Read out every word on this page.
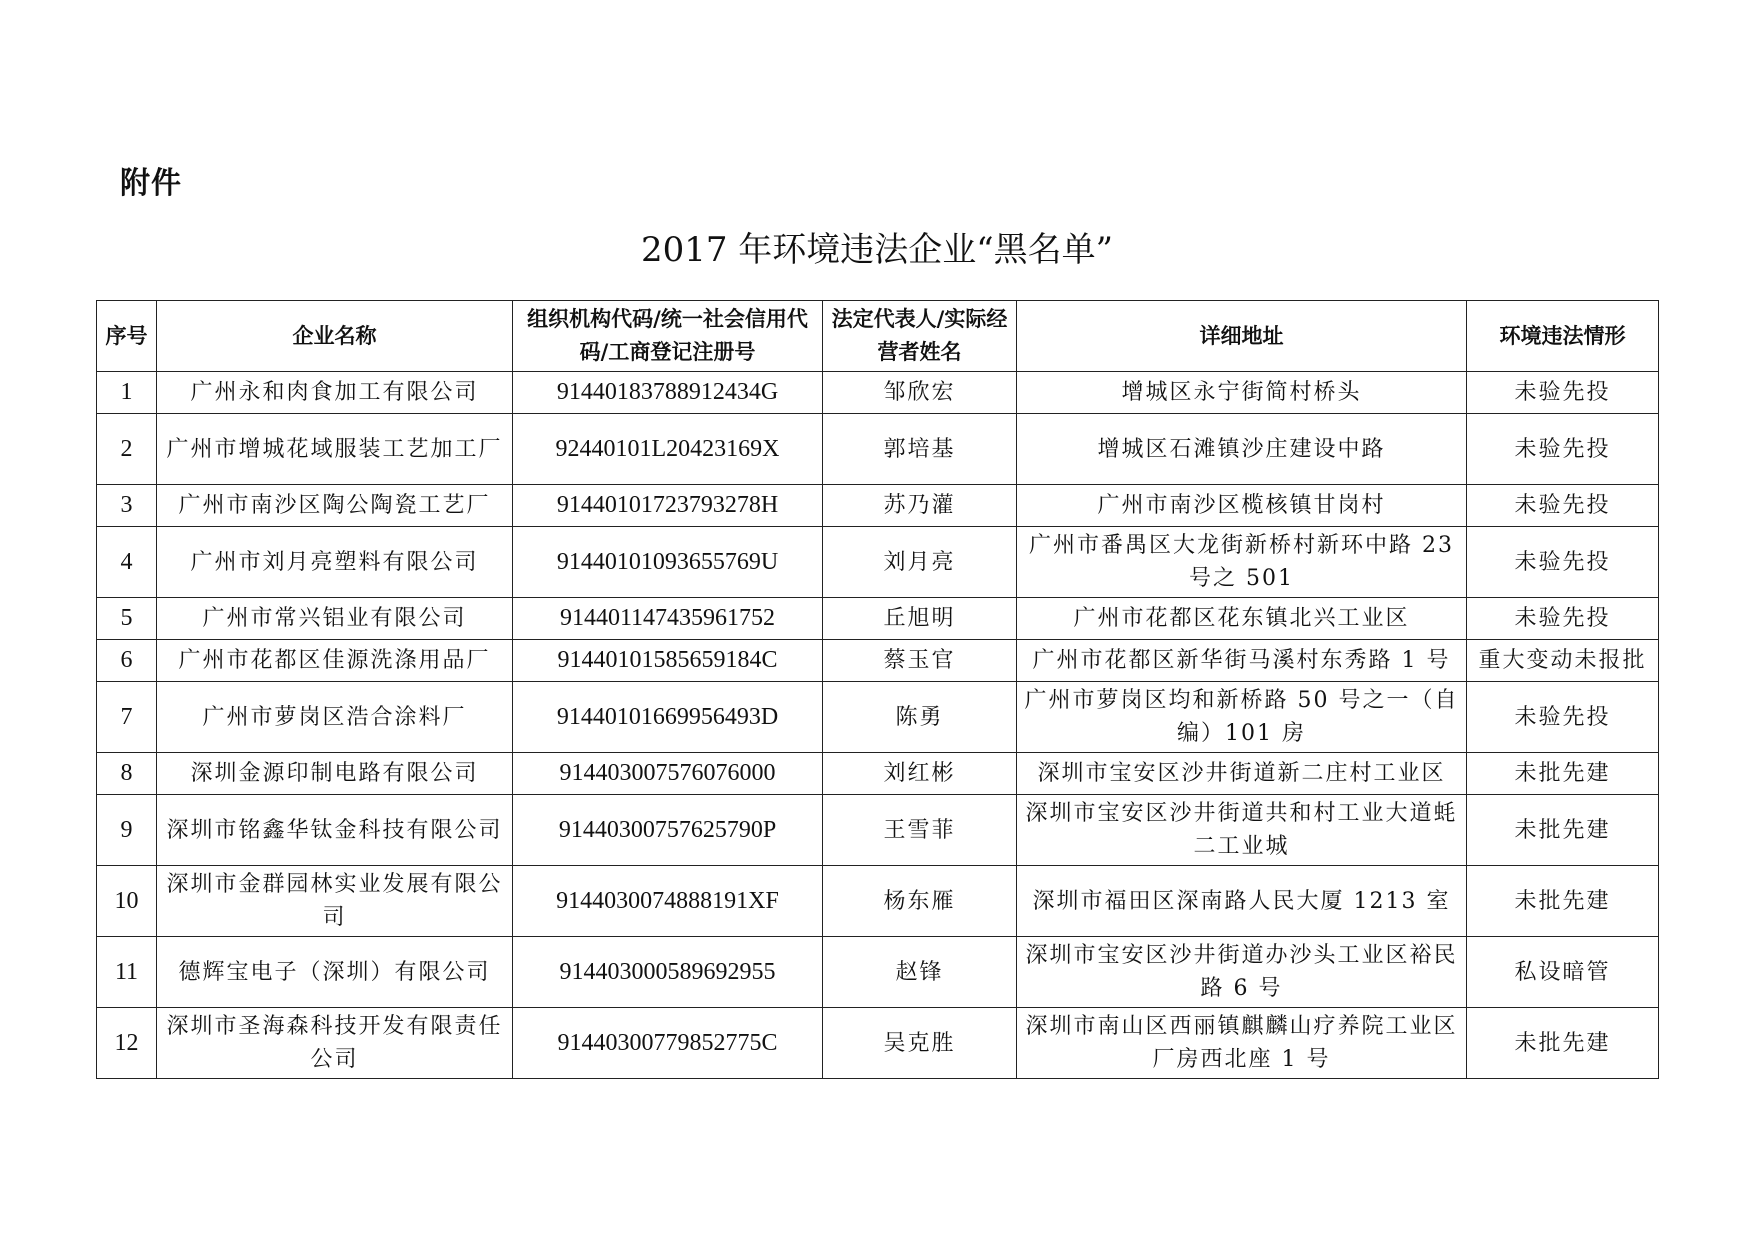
附件
2017 年环境违法企业“黑名单”
序号	企业名称	组织机构代码/统一社会信用代码/工商登记注册号	法定代表人/实际经营者姓名	详细地址	环境违法情形
1	广州永和肉食加工有限公司	91440183788912434G	邹欣宏	增城区永宁街简村桥头	未验先投
2	广州市增城花域服装工艺加工厂	92440101L20423169X	郭培基	增城区石滩镇沙庄建设中路	未验先投
3	广州市南沙区陶公陶瓷工艺厂	91440101723793278H	苏乃灌	广州市南沙区榄核镇甘岗村	未验先投
4	广州市刘月亮塑料有限公司	91440101093655769U	刘月亮	广州市番禺区大龙街新桥村新环中路 23 号之 501	未验先投
5	广州市常兴铝业有限公司	914401147435961752	丘旭明	广州市花都区花东镇北兴工业区	未验先投
6	广州市花都区佳源洗涤用品厂	91440101585659184C	蔡玉官	广州市花都区新华街马溪村东秀路 1 号	重大变动未报批
7	广州市萝岗区浩合涂料厂	91440101669956493D	陈勇	广州市萝岗区均和新桥路 50 号之一（自编）101 房	未验先投
8	深圳金源印制电路有限公司	914403007576076000	刘红彬	深圳市宝安区沙井街道新二庄村工业区	未批先建
9	深圳市铭鑫华钛金科技有限公司	91440300757625790P	王雪菲	深圳市宝安区沙井街道共和村工业大道蚝二工业城	未批先建
10	深圳市金群园林实业发展有限公司	9144030074888191XF	杨东雁	深圳市福田区深南路人民大厦 1213 室	未批先建
11	德辉宝电子（深圳）有限公司	914403000589692955	赵锋	深圳市宝安区沙井街道办沙头工业区裕民路 6 号	私设暗管
12	深圳市圣海森科技开发有限责任公司	91440300779852775C	吴克胜	深圳市南山区西丽镇麒麟山疗养院工业区厂房西北座 1 号	未批先建
